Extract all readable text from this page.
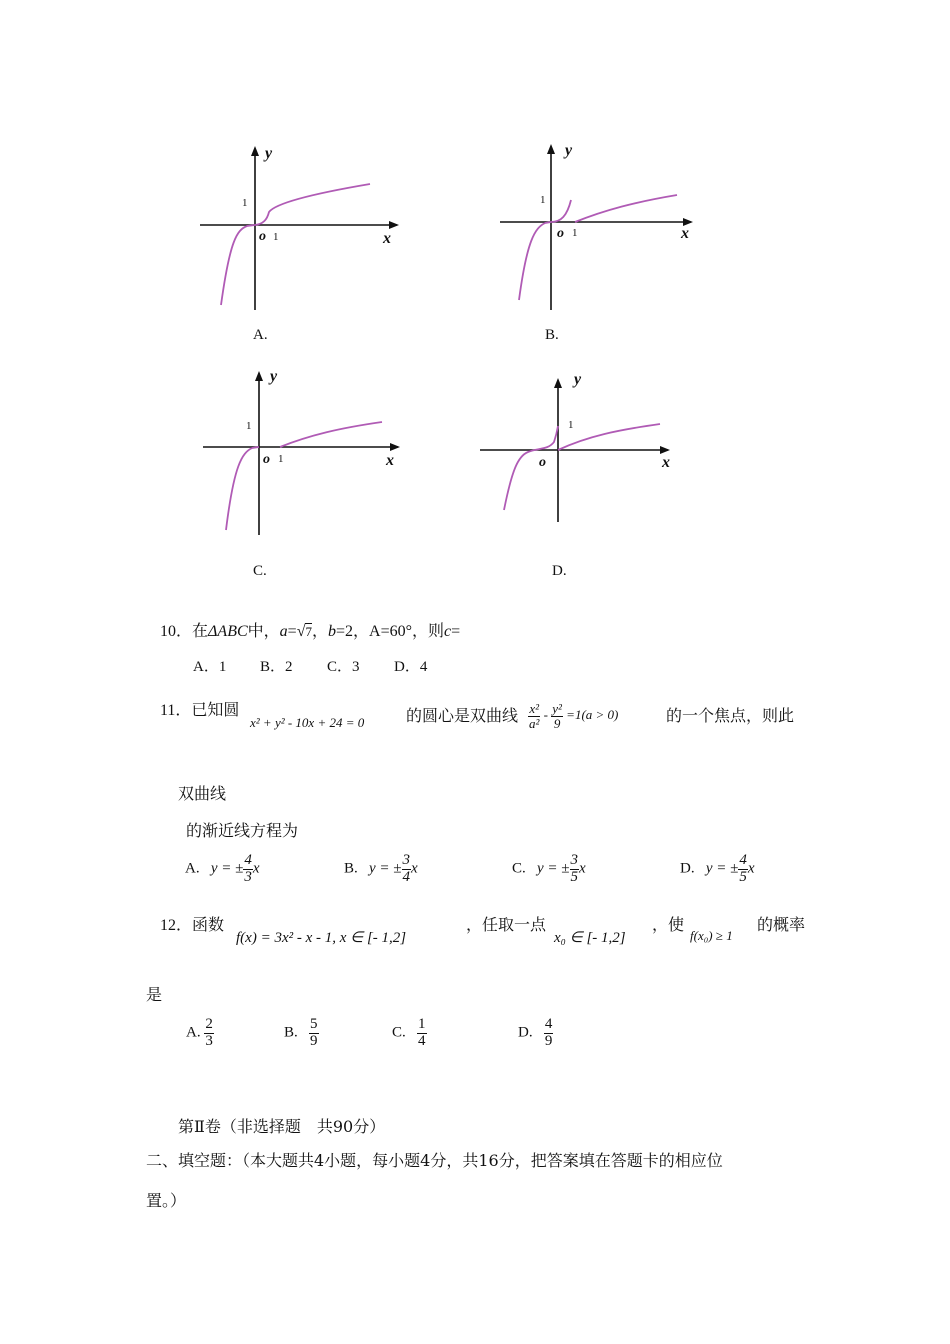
y
x
o
1
1
A.
y
x
o
1
1
B.
y
x
o
1
1
C.
y
x
o
1
D.
10．在ΔABC中，a=√7，b=2，A=60°，则c=
A．1 B．2 C．3 D．4
11．已知圆
x² + y² - 10x + 24 = 0	的圆心是双曲线 $\frac{\text{x²}}{\text{a²}} - \frac{\text{y²}}{9} =1(a > 0)$	的一个焦点，则此
双曲线
的渐近线方程为
A. y = ± $\frac{4}{3}$ x	B. y = ± $\frac{3}{4}$ x	C. y = ± $\frac{3}{5}$ x	D. y = ± $\frac{4}{5}$ x
12．函数
f(x) = 3x² - x - 1, x ∈ [- 1,2]
，任取一点
x₀ ∈ [- 1,2]
，使
f(x₀) ≥ 1
的概率
是
A. $\frac{2}{3}$	B. $\frac{5}{9}$	C. $\frac{1}{4}$	D. $\frac{4}{9}$
第Ⅱ卷（非选择题　共90分）
二、填空题：（本大题共4小题，每小题4分，共16分，把答案填在答题卡的相应位
置。）
